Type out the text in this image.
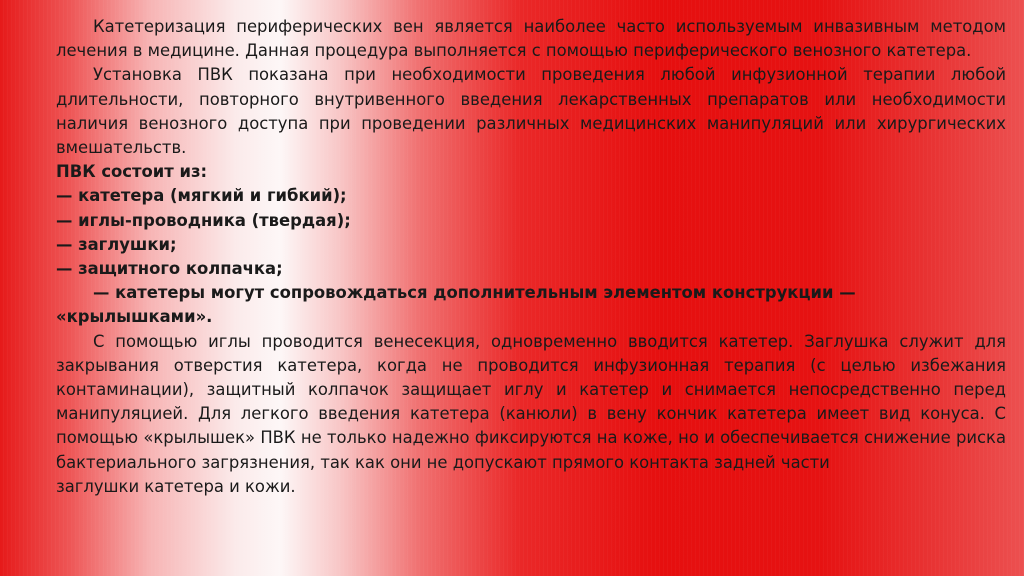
Катетеризация периферических вен является наиболее часто используемым инвазивным методом лечения в медицине. Данная процедура выполняется с помощью периферического венозного катетера.

Установка ПВК показана при необходимости проведения любой инфузионной терапии любой длительности, повторного внутривенного введения лекарственных препаратов или необходимости наличия венозного доступа при проведении различных медицинских манипуляций или хирургических вмешательств.

ПВК состоит из:

— катетера (мягкий и гибкий);

— иглы-проводника (твердая);

— заглушки;

— защитного колпачка;

— катетеры могут сопровождаться дополнительным элементом конструкции — «крылышками».

С помощью иглы проводится венесекция, одновременно вводится катетер. Заглушка служит для закрывания отверстия катетера, когда не проводится инфузионная терапия (с целью избежания контаминации), защитный колпачок защищает иглу и катетер и снимается непосредственно перед манипуляцией. Для легкого введения катетера (канюли) в вену кончик катетера имеет вид конуса. С помощью «крылышек» ПВК не только надежно фиксируются на коже, но и обеспечивается снижение риска бактериального загрязнения, так как они не допускают прямого контакта задней части

заглушки катетера и кожи.
